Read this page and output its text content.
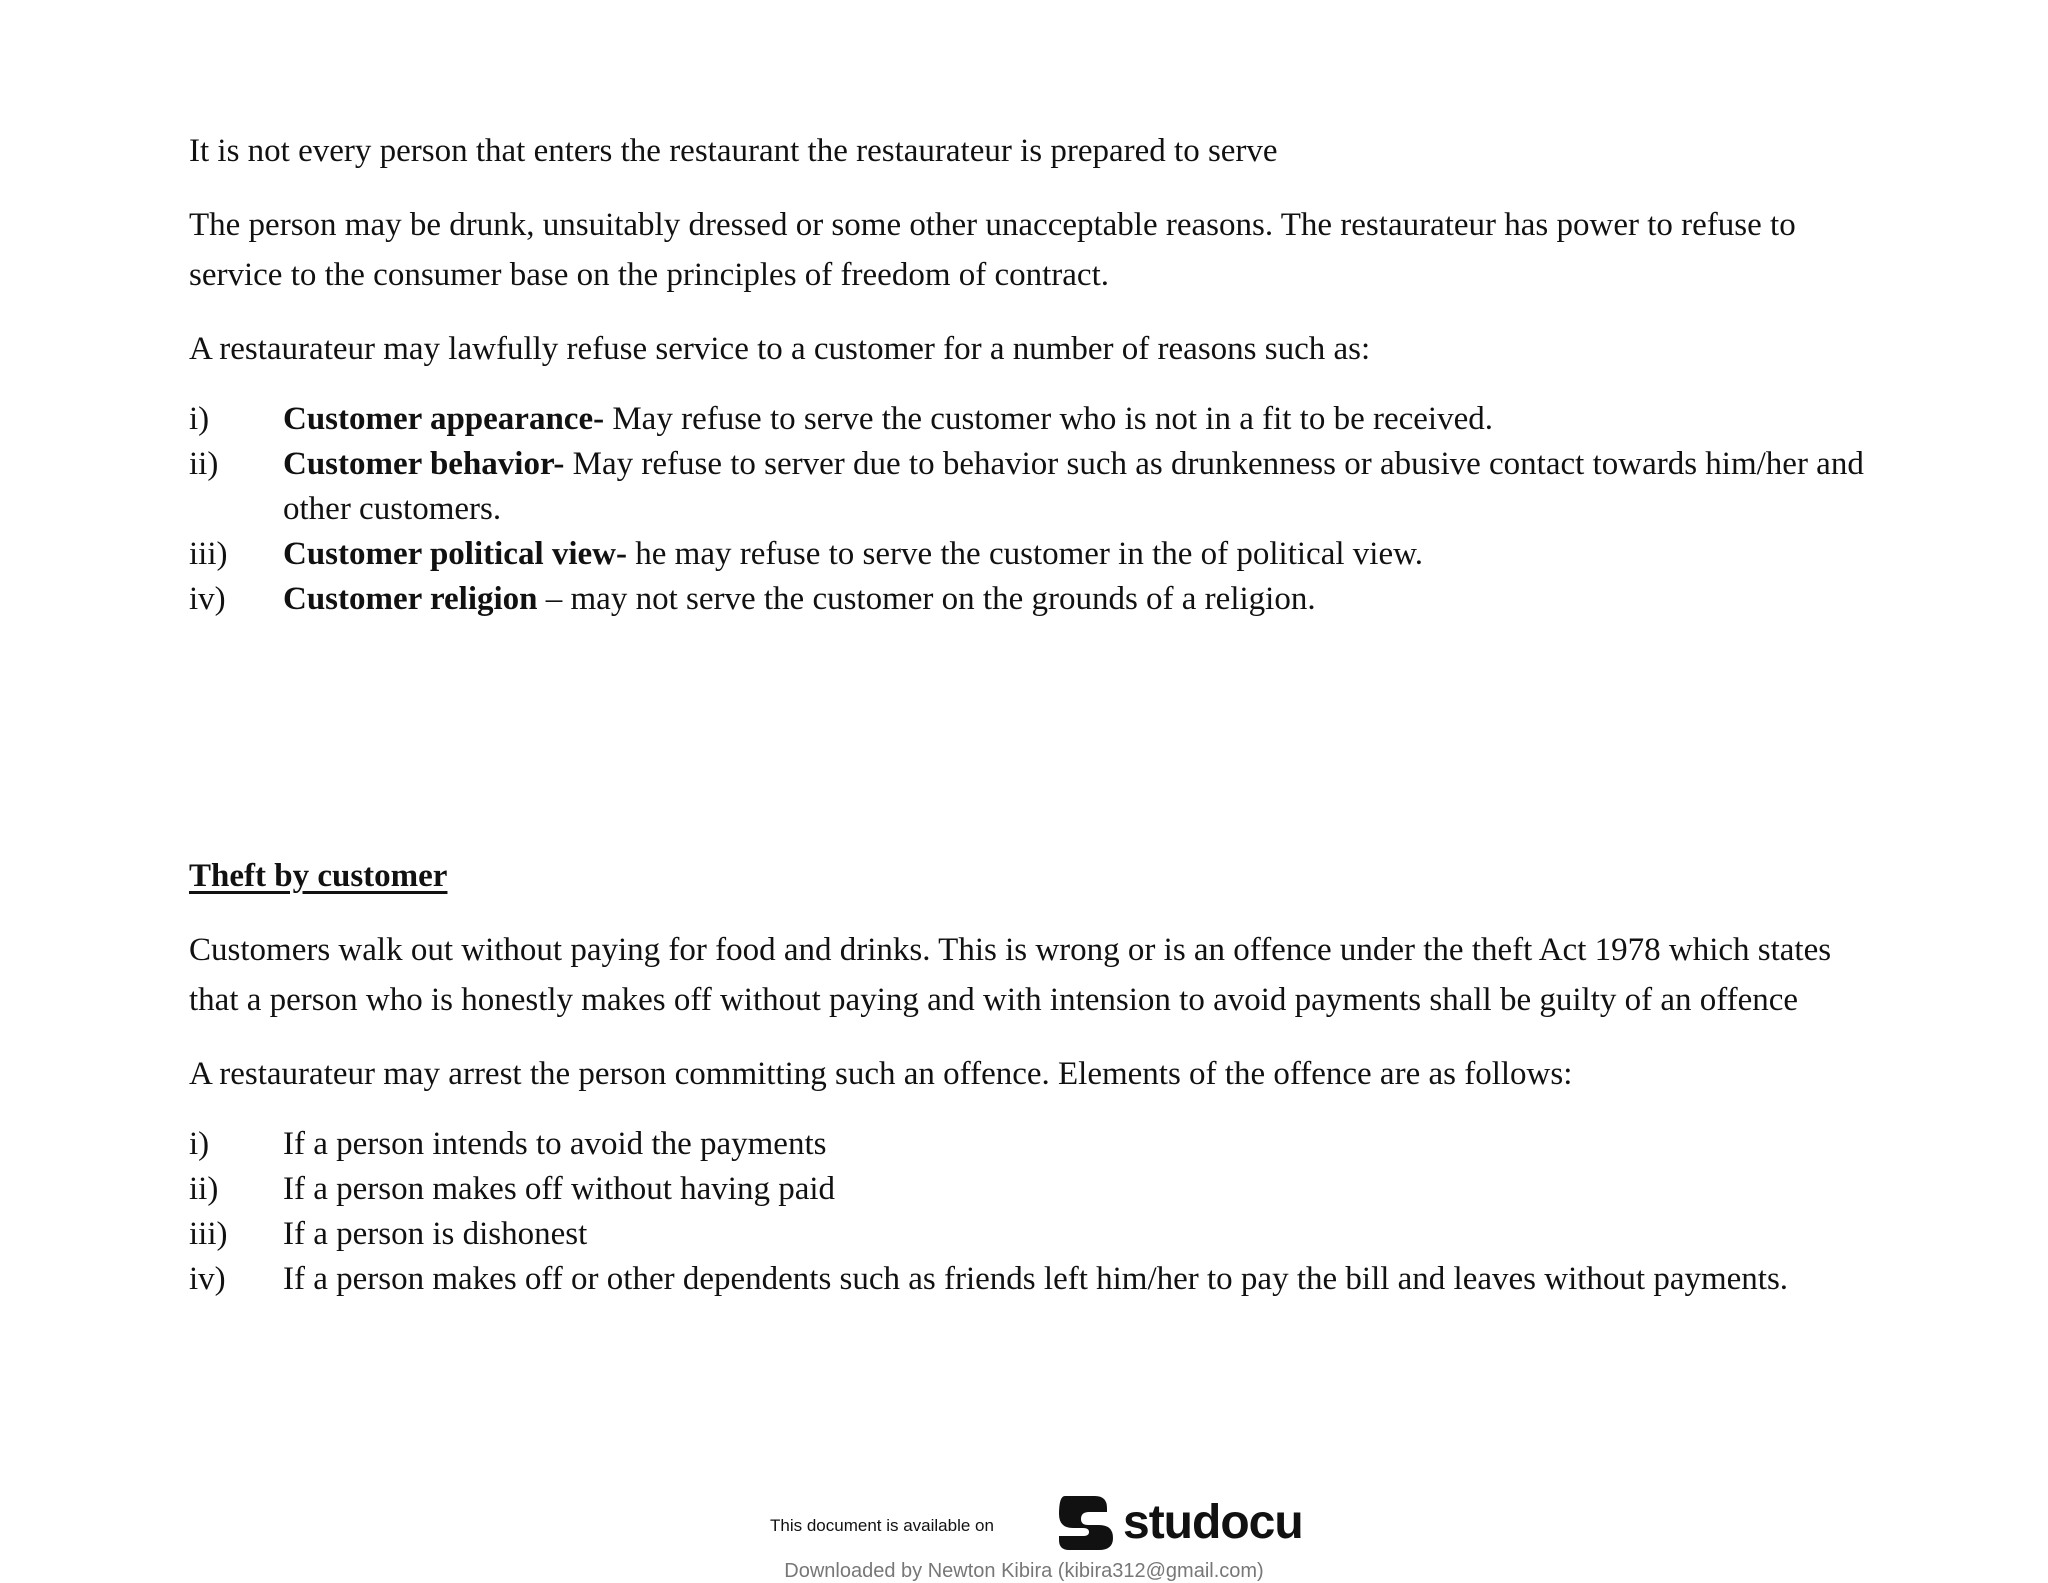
It is not every person that enters the restaurant the restaurateur is prepared to serve

The person may be drunk, unsuitably dressed or some other unacceptable reasons. The restaurateur has power to refuse to service to the consumer base on the principles of freedom of contract.

A restaurateur may lawfully refuse service to a customer for a number of reasons such as:

i) Customer appearance- May refuse to serve the customer who is not in a fit to be received.
ii) Customer behavior- May refuse to server due to behavior such as drunkenness or abusive contact towards him/her and other customers.
iii) Customer political view- he may refuse to serve the customer in the of political view.
iv) Customer religion – may not serve the customer on the grounds of a religion.
Theft by customer

Customers walk out without paying for food and drinks. This is wrong or is an offence under the theft Act 1978 which states that a person who is honestly makes off without paying and with intension to avoid payments shall be guilty of an offence

A restaurateur may arrest the person committing such an offence. Elements of the offence are as follows:

i) If a person intends to avoid the payments
ii) If a person makes off without having paid
iii) If a person is dishonest
iv) If a person makes off or other dependents such as friends left him/her to pay the bill and leaves without payments.
This document is available on	studocu
Downloaded by Newton Kibira (kibira312@gmail.com)
